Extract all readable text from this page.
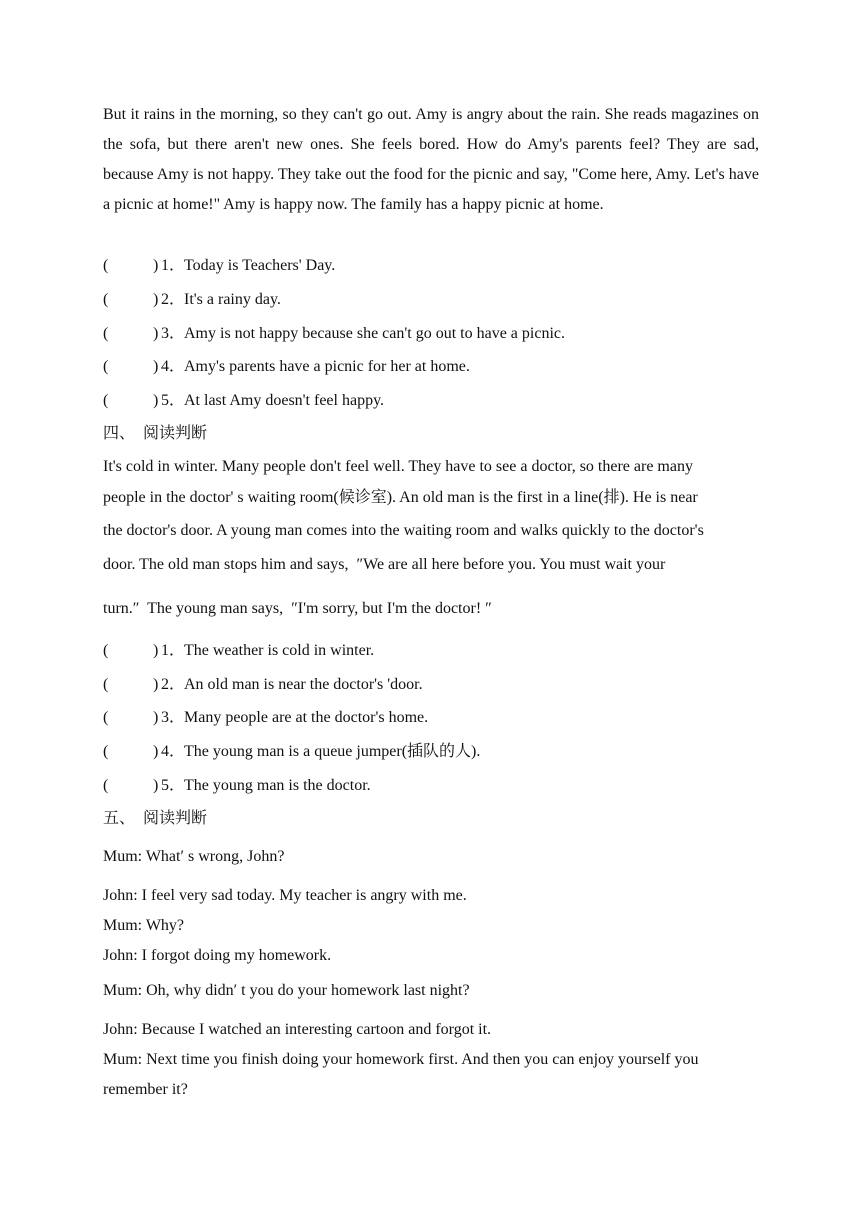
But it rains in the morning, so they can't go out. Amy is angry about the rain. She reads magazines on the sofa, but there aren't new ones. She feels bored. How do Amy's parents feel? They are sad, because Amy is not happy. They take out the food for the picnic and say, "Come here, Amy. Let's have a picnic at home!" Amy is happy now. The family has a happy picnic at home.

(	) 1．
Today is Teachers' Day.
(	) 2．
It's a rainy day.
(	) 3．
Amy is not happy because she can't go out to have a picnic.
(	) 4．
Amy's parents have a picnic for her at home.
(	) 5．
At last Amy doesn't feel happy.
四、  阅读判断
It's cold in winter. Many people don't feel well. They have to see a doctor, so there are many
people in the doctor' s waiting room(候诊室). An old man is the first in a line(排). He is near
the doctor's door. A young man comes into the waiting room and walks quickly to the doctor's
door. The old man stops him and says,  ″We are all here before you. You must wait your
turn.″  The young man says,  ″I'm sorry, but I'm the doctor! ″
(	) 1．
The weather is cold in winter.
(	) 2．
An old man is near the doctor's 'door.
(	) 3．
Many people are at the doctor's home.
(	) 4．
The young man is a queue jumper(插队的人).
(	) 5．
The young man is the doctor.
五、  阅读判断
Mum: What′ s wrong, John?
John: I feel very sad today. My teacher is angry with me.
Mum: Why?
John: I forgot doing my homework.
Mum: Oh, why didn′ t you do your homework last night?
John: Because I watched an interesting cartoon and forgot it.
Mum: Next time you finish doing your homework first. And then you can enjoy yourself you
remember it?
